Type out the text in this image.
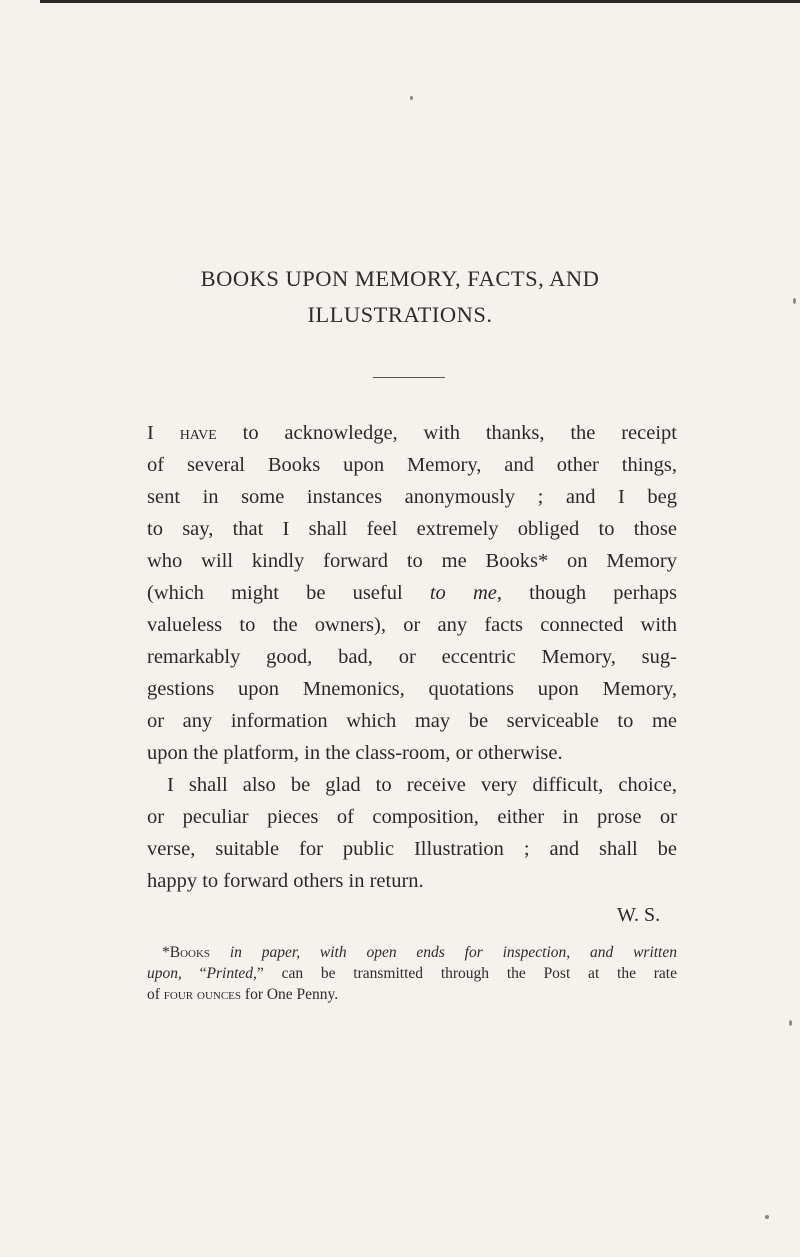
BOOKS UPON MEMORY, FACTS, AND
ILLUSTRATIONS.
I have to acknowledge, with thanks, the receipt
of several Books upon Memory, and other things,
sent in some instances anonymously ; and I beg
to say, that I shall feel extremely obliged to those
who will kindly forward to me Books* on Memory
(which might be useful to me, though perhaps
valueless to the owners), or any facts connected with
remarkably good, bad, or eccentric Memory, sug-
gestions upon Mnemonics, quotations upon Memory,
or any information which may be serviceable to me
upon the platform, in the class-room, or otherwise.
I shall also be glad to receive very difficult, choice,
or peculiar pieces of composition, either in prose or
verse, suitable for public Illustration ; and shall be
happy to forward others in return.
W. S.
*Books in paper, with open ends for inspection, and written
upon, “Printed,” can be transmitted through the Post at the rate
of four ounces for One Penny.
